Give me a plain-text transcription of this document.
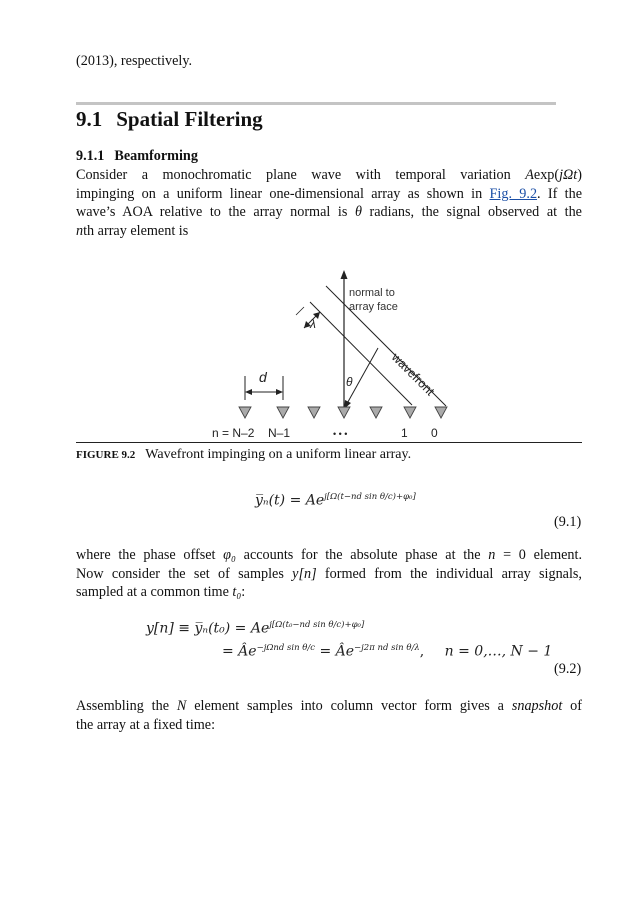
(2013), respectively.
9.1 Spatial Filtering
9.1.1 Beamforming
Consider a monochromatic plane wave with temporal variation Aexp(jΩt)
impinging on a uniform linear one-dimensional array as shown in Fig. 9.2. If the
wave’s AOA relative to the array normal is θ radians, the signal observed at the
nth array element is
normal to
array face
wavefront
λ
θ
d
n = N–2 N–1	• • •	1 0
FIGURE 9.2 Wavefront impinging on a uniform linear array.
y̅ₙ(t) = $Ae^{j[\Omega(t-nd sin \theta/c)+\varphi_0]}$
(9.1)
where the phase offset φ₀ accounts for the absolute phase at the n = 0 element.
Now consider the set of samples y[n] formed from the individual array signals,
sampled at a common time t₀:
y[n] ≡ y̅ₙ(t₀) = $Ae^{j[\Omega(t_0-nd sin \theta/c)+\varphi_0]}$
= $Âe^{-j\Omega nd sin \theta/c}$ = $Âe^{-j2\pi nd sin \theta/\lambda}$, n = 0,…, N − 1
(9.2)
Assembling the N element samples into column vector form gives a snapshot of
the array at a fixed time:
